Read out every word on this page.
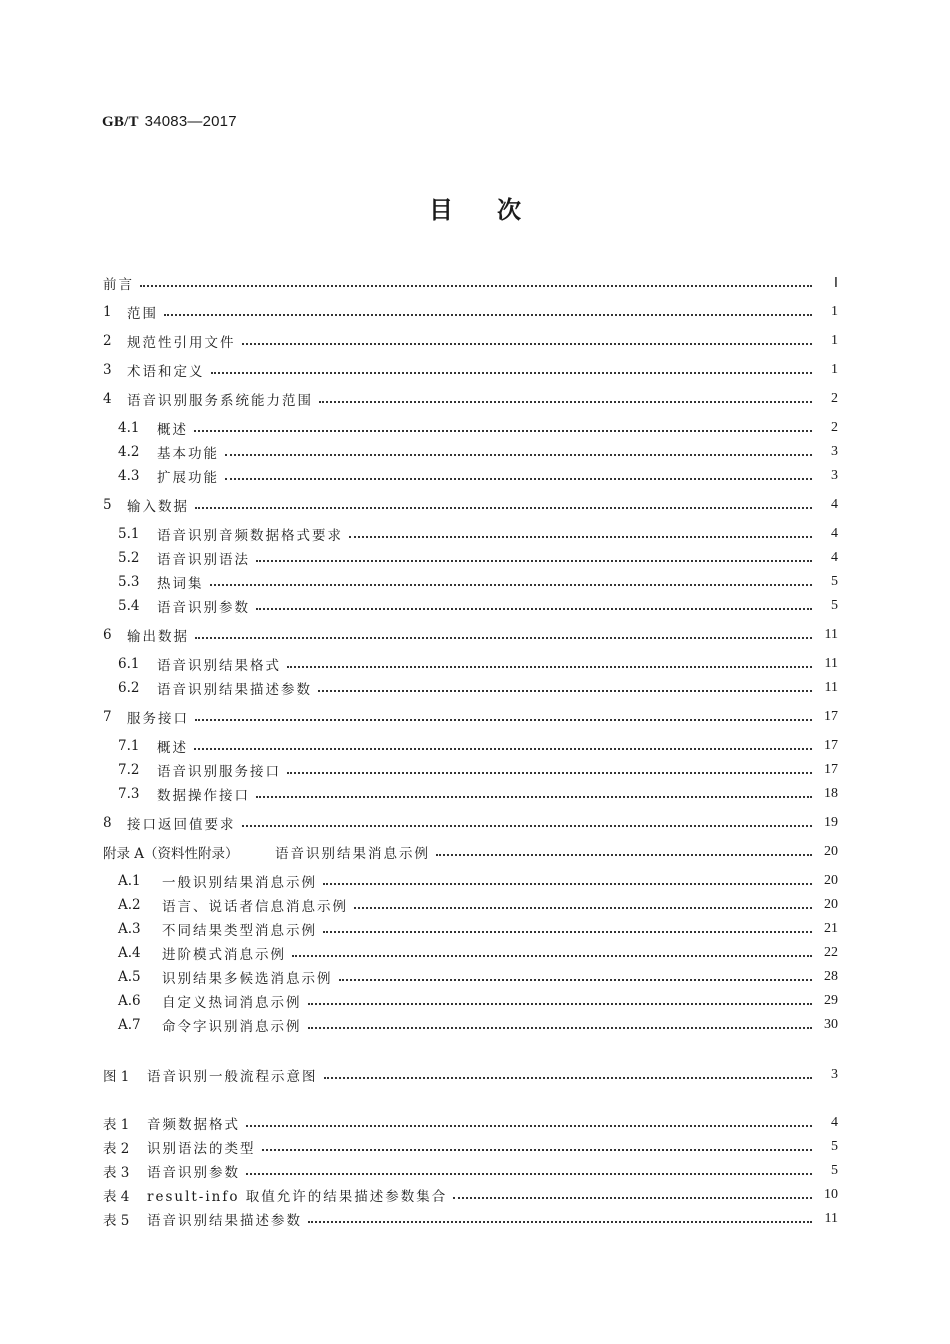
GB/T 34083—2017
目次
前言	Ⅰ
1	范围	1
2	规范性引用文件	1
3	术语和定义	1
4	语音识别服务系统能力范围	2
4.1	概述	2
4.2	基本功能	3
4.3	扩展功能	3
5	输入数据	4
5.1	语音识别音频数据格式要求	4
5.2	语音识别语法	4
5.3	热词集	5
5.4	语音识别参数	5
6	输出数据	11
6.1	语音识别结果格式	11
6.2	语音识别结果描述参数	11
7	服务接口	17
7.1	概述	17
7.2	语音识别服务接口	17
7.3	数据操作接口	18
8	接口返回值要求	19
附录 A（资料性附录）	语音识别结果消息示例	20
A.1	一般识别结果消息示例	20
A.2	语言、说话者信息消息示例	20
A.3	不同结果类型消息示例	21
A.4	进阶模式消息示例	22
A.5	识别结果多候选消息示例	28
A.6	自定义热词消息示例	29
A.7	命令字识别消息示例	30
图 1	语音识别一般流程示意图	3
表 1	音频数据格式	4
表 2	识别语法的类型	5
表 3	语音识别参数	5
表 4	result-info 取值允许的结果描述参数集合	10
表 5	语音识别结果描述参数	11
